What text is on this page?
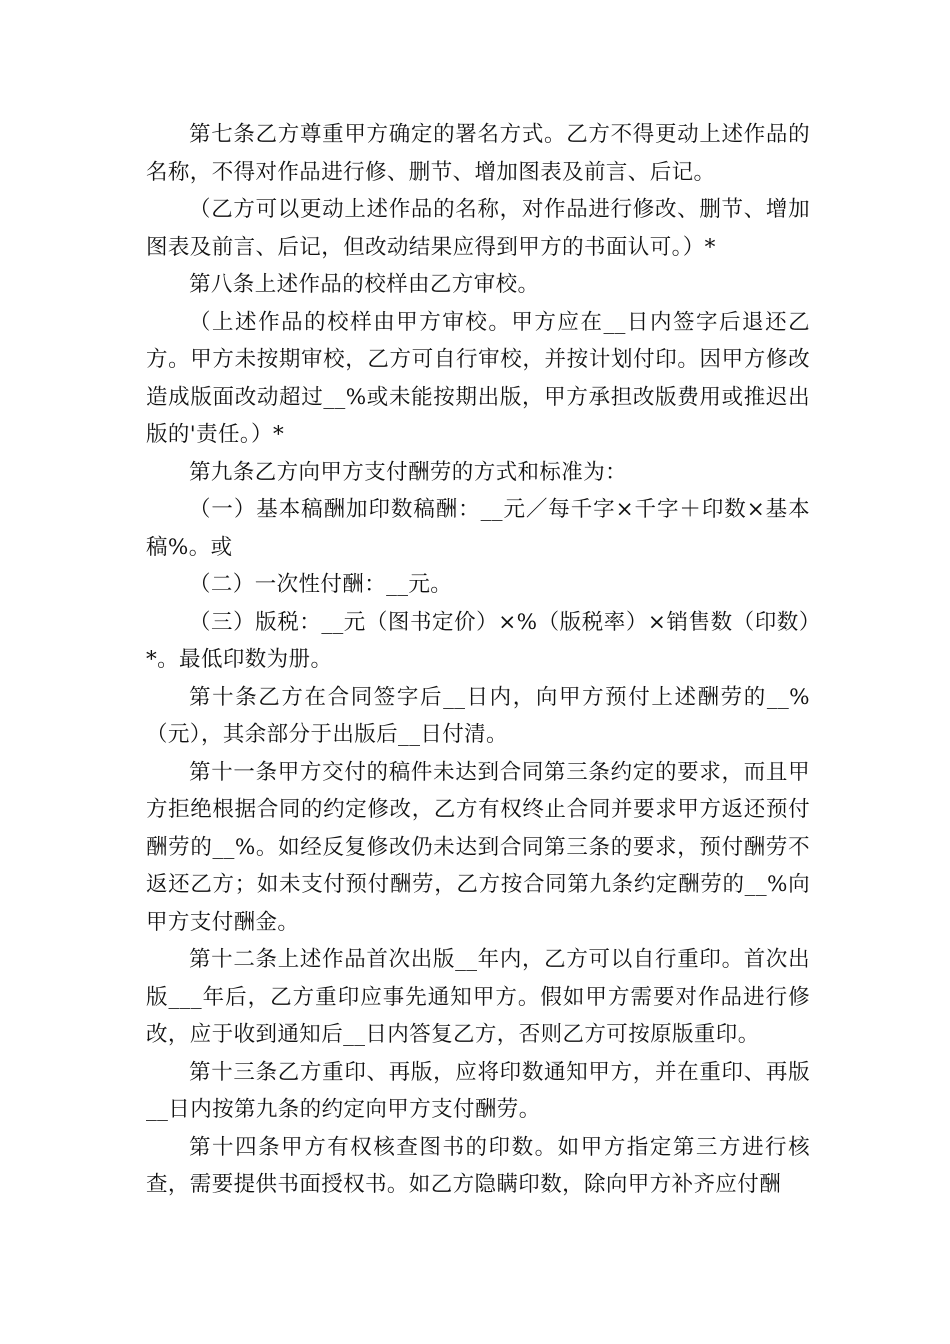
第七条乙方尊重甲方确定的署名方式。乙方不得更动上述作品的名称，不得对作品进行修、删节、增加图表及前言、后记。

（乙方可以更动上述作品的名称，对作品进行修改、删节、增加图表及前言、后记，但改动结果应得到甲方的书面认可。）*

第八条上述作品的校样由乙方审校。

（上述作品的校样由甲方审校。甲方应在__日内签字后退还乙方。甲方未按期审校，乙方可自行审校，并按计划付印。因甲方修改造成版面改动超过__%或未能按期出版，甲方承担改版费用或推迟出版的'责任。）*

第九条乙方向甲方支付酬劳的方式和标准为：

（一）基本稿酬加印数稿酬：__元／每千字×千字＋印数×基本稿%。或

（二）一次性付酬：__元。

（三）版税：__元（图书定价）×%（版税率）×销售数（印数）*。最低印数为册。

第十条乙方在合同签字后__日内，向甲方预付上述酬劳的__%（元），其余部分于出版后__日付清。

第十一条甲方交付的稿件未达到合同第三条约定的要求，而且甲方拒绝根据合同的约定修改，乙方有权终止合同并要求甲方返还预付酬劳的__%。如经反复修改仍未达到合同第三条的要求，预付酬劳不返还乙方；如未支付预付酬劳，乙方按合同第九条约定酬劳的__%向甲方支付酬金。

第十二条上述作品首次出版__年内，乙方可以自行重印。首次出版___年后，乙方重印应事先通知甲方。假如甲方需要对作品进行修改，应于收到通知后__日内答复乙方，否则乙方可按原版重印。

第十三条乙方重印、再版，应将印数通知甲方，并在重印、再版__日内按第九条的约定向甲方支付酬劳。

第十四条甲方有权核查图书的印数。如甲方指定第三方进行核查，需要提供书面授权书。如乙方隐瞒印数，除向甲方补齐应付酬
